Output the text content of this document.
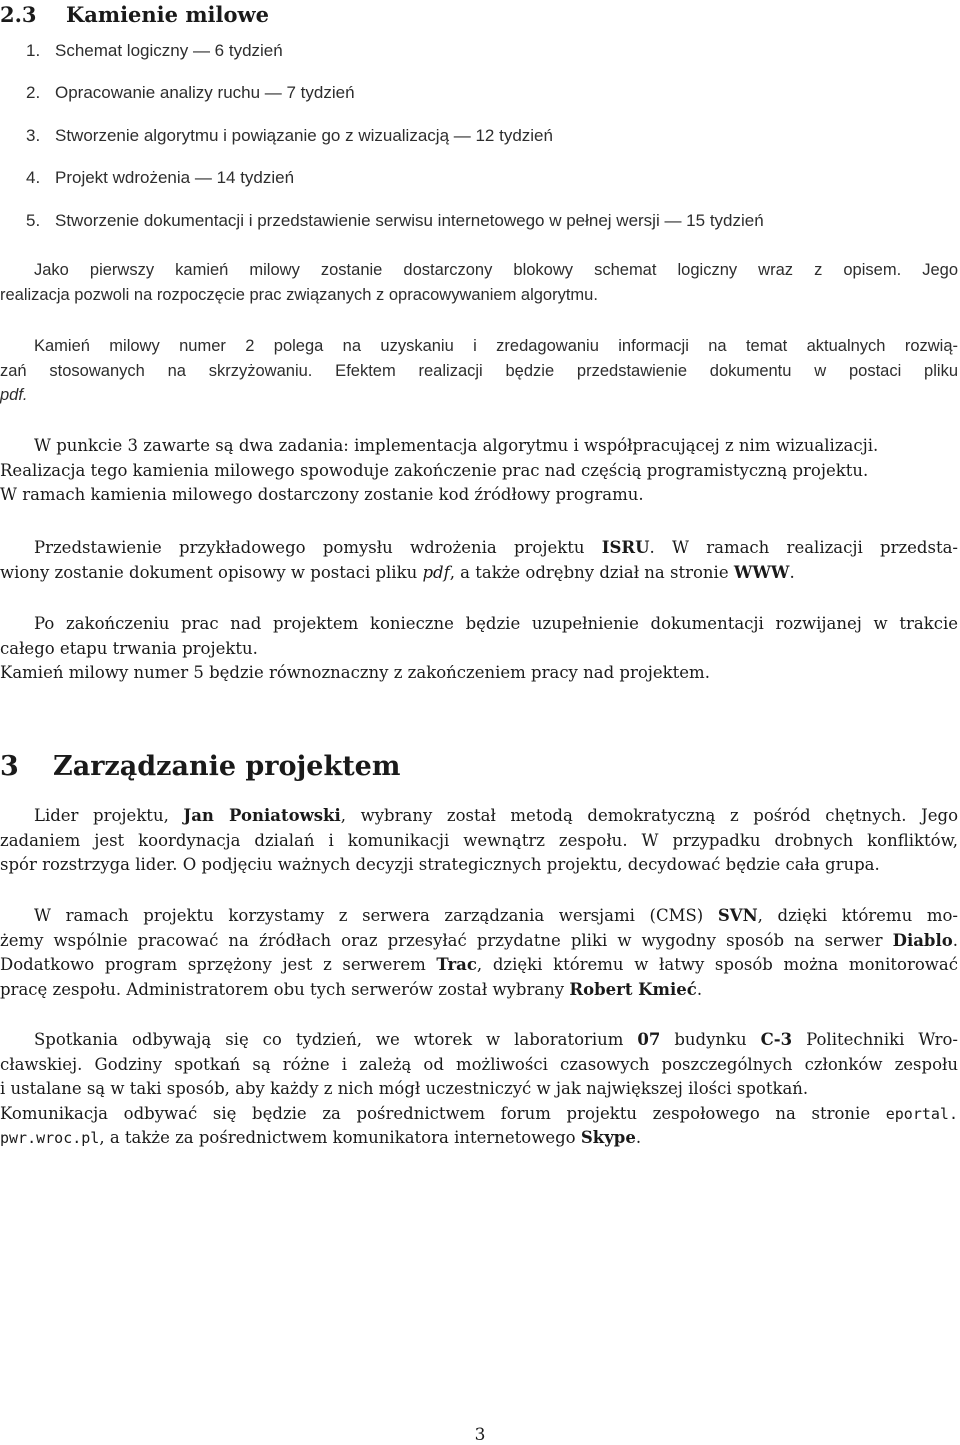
2.3 Kamienie milowe
1. Schemat logiczny — 6 tydzień
2. Opracowanie analizy ruchu — 7 tydzień
3. Stworzenie algorytmu i powiązanie go z wizualizacją — 12 tydzień
4. Projekt wdrożenia — 14 tydzień
5. Stworzenie dokumentacji i przedstawienie serwisu internetowego w pełnej wersji — 15 tydzień
Jako pierwszy kamień milowy zostanie dostarczony blokowy schemat logiczny wraz z opisem. Jego
realizacja pozwoli na rozpoczęcie prac związanych z opracowywaniem algorytmu.
Kamień milowy numer 2 polega na uzyskaniu i zredagowaniu informacji na temat aktualnych rozwią-
zań stosowanych na skrzyżowaniu. Efektem realizacji będzie przedstawienie dokumentu w postaci pliku
pdf.
W punkcie 3 zawarte są dwa zadania: implementacja algorytmu i współpracującej z nim wizualizacji.
Realizacja tego kamienia milowego spowoduje zakończenie prac nad częścią programistyczną projektu.
W ramach kamienia milowego dostarczony zostanie kod źródłowy programu.
Przedstawienie przykładowego pomysłu wdrożenia projektu ISRU. W ramach realizacji przedsta-
wiony zostanie dokument opisowy w postaci pliku pdf, a także odrębny dział na stronie WWW.
Po zakończeniu prac nad projektem konieczne będzie uzupełnienie dokumentacji rozwijanej w trakcie
całego etapu trwania projektu.
Kamień milowy numer 5 będzie równoznaczny z zakończeniem pracy nad projektem.
3 Zarządzanie projektem
Lider projektu, Jan Poniatowski, wybrany został metodą demokratyczną z pośród chętnych. Jego
zadaniem jest koordynacja dzialań i komunikacji wewnątrz zespołu. W przypadku drobnych konfliktów,
spór rozstrzyga lider. O podjęciu ważnych decyzji strategicznych projektu, decydować będzie cała grupa.
W ramach projektu korzystamy z serwera zarządzania wersjami (CMS) SVN, dzięki któremu mo-
żemy wspólnie pracować na źródłach oraz przesyłać przydatne pliki w wygodny sposób na serwer Diablo.
Dodatkowo program sprzężony jest z serwerem Trac, dzięki któremu w łatwy sposób można monitorować
pracę zespołu. Administratorem obu tych serwerów został wybrany Robert Kmieć.
Spotkania odbywają się co tydzień, we wtorek w laboratorium 07 budynku C-3 Politechniki Wro-
cławskiej. Godziny spotkań są różne i zależą od możliwości czasowych poszczególnych członków zespołu
i ustalane są w taki sposób, aby każdy z nich mógł uczestniczyć w jak największej ilości spotkań.
Komunikacja odbywać się będzie za pośrednictwem forum projektu zespołowego na stronie eportal.
pwr.wroc.pl, a także za pośrednictwem komunikatora internetowego Skype.
3
